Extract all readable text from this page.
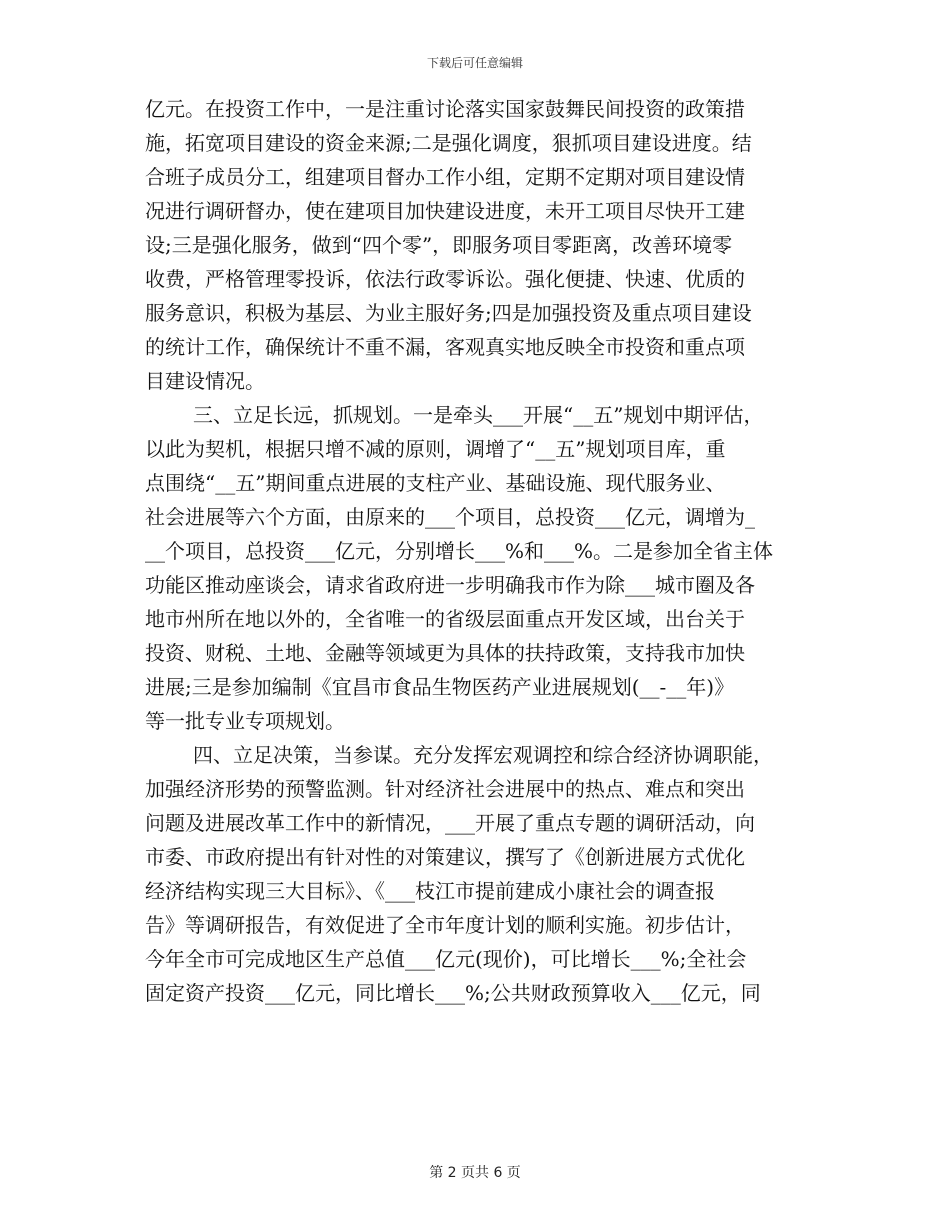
下载后可任意编辑
亿元。在投资工作中，一是注重讨论落实国家鼓舞民间投资的政策措
施，拓宽项目建设的资金来源;二是强化调度，狠抓项目建设进度。结
合班子成员分工，组建项目督办工作小组，定期不定期对项目建设情
况进行调研督办，使在建项目加快建设进度，未开工项目尽快开工建
设;三是强化服务，做到“四个零”，即服务项目零距离，改善环境零
收费，严格管理零投诉，依法行政零诉讼。强化便捷、快速、优质的
服务意识，积极为基层、为业主服好务;四是加强投资及重点项目建设
的统计工作，确保统计不重不漏，客观真实地反映全市投资和重点项
目建设情况。
三、立足长远，抓规划。一是牵头___开展“__五”规划中期评估，
以此为契机，根据只增不减的原则，调增了“__五”规划项目库，重
点围绕“__五”期间重点进展的支柱产业、基础设施、现代服务业、
社会进展等六个方面，由原来的___个项目，总投资___亿元，调增为_
__个项目，总投资___亿元，分别增长___%和___%。二是参加全省主体
功能区推动座谈会，请求省政府进一步明确我市作为除___城市圈及各
地市州所在地以外的，全省唯一的省级层面重点开发区域，出台关于
投资、财税、土地、金融等领域更为具体的扶持政策，支持我市加快
进展;三是参加编制《宜昌市食品生物医药产业进展规划(__-__年)》
等一批专业专项规划。
四、立足决策，当参谋。充分发挥宏观调控和综合经济协调职能，
加强经济形势的预警监测。针对经济社会进展中的热点、难点和突出
问题及进展改革工作中的新情况，___开展了重点专题的调研活动，向
市委、市政府提出有针对性的对策建议，撰写了《创新进展方式优化
经济结构实现三大目标》、《___枝江市提前建成小康社会的调查报
告》等调研报告，有效促进了全市年度计划的顺利实施。初步估计，
今年全市可完成地区生产总值___亿元(现价)，可比增长___%;全社会
固定资产投资___亿元，同比增长___%;公共财政预算收入___亿元，同
第 2 页共 6 页
